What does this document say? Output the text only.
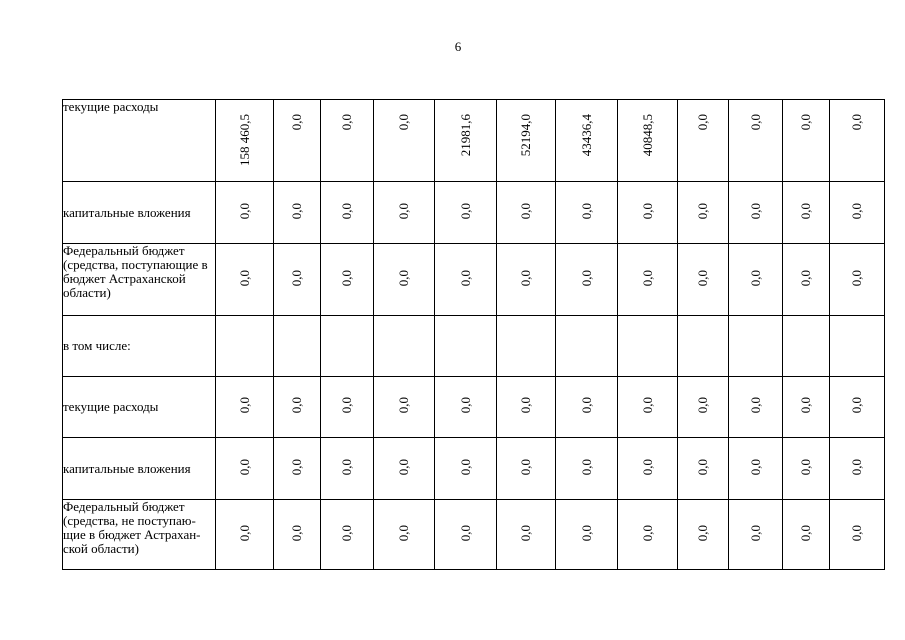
6
текущие расходы	158 460,5	0,0	0,0	0,0	21981,6	52194,0	43436,4	40848,5	0,0	0,0	0,0	0,0
капитальные вложения	0,0	0,0	0,0	0,0	0,0	0,0	0,0	0,0	0,0	0,0	0,0	0,0
Федеральный бюджет (средства, поступающие в бюджет Астраханской области)	0,0	0,0	0,0	0,0	0,0	0,0	0,0	0,0	0,0	0,0	0,0	0,0
в том числе:												
текущие расходы	0,0	0,0	0,0	0,0	0,0	0,0	0,0	0,0	0,0	0,0	0,0	0,0
капитальные вложения	0,0	0,0	0,0	0,0	0,0	0,0	0,0	0,0	0,0	0,0	0,0	0,0
Федеральный бюджет (средства, не поступаю-щие в бюджет Астрахан-ской области)	0,0	0,0	0,0	0,0	0,0	0,0	0,0	0,0	0,0	0,0	0,0	0,0
